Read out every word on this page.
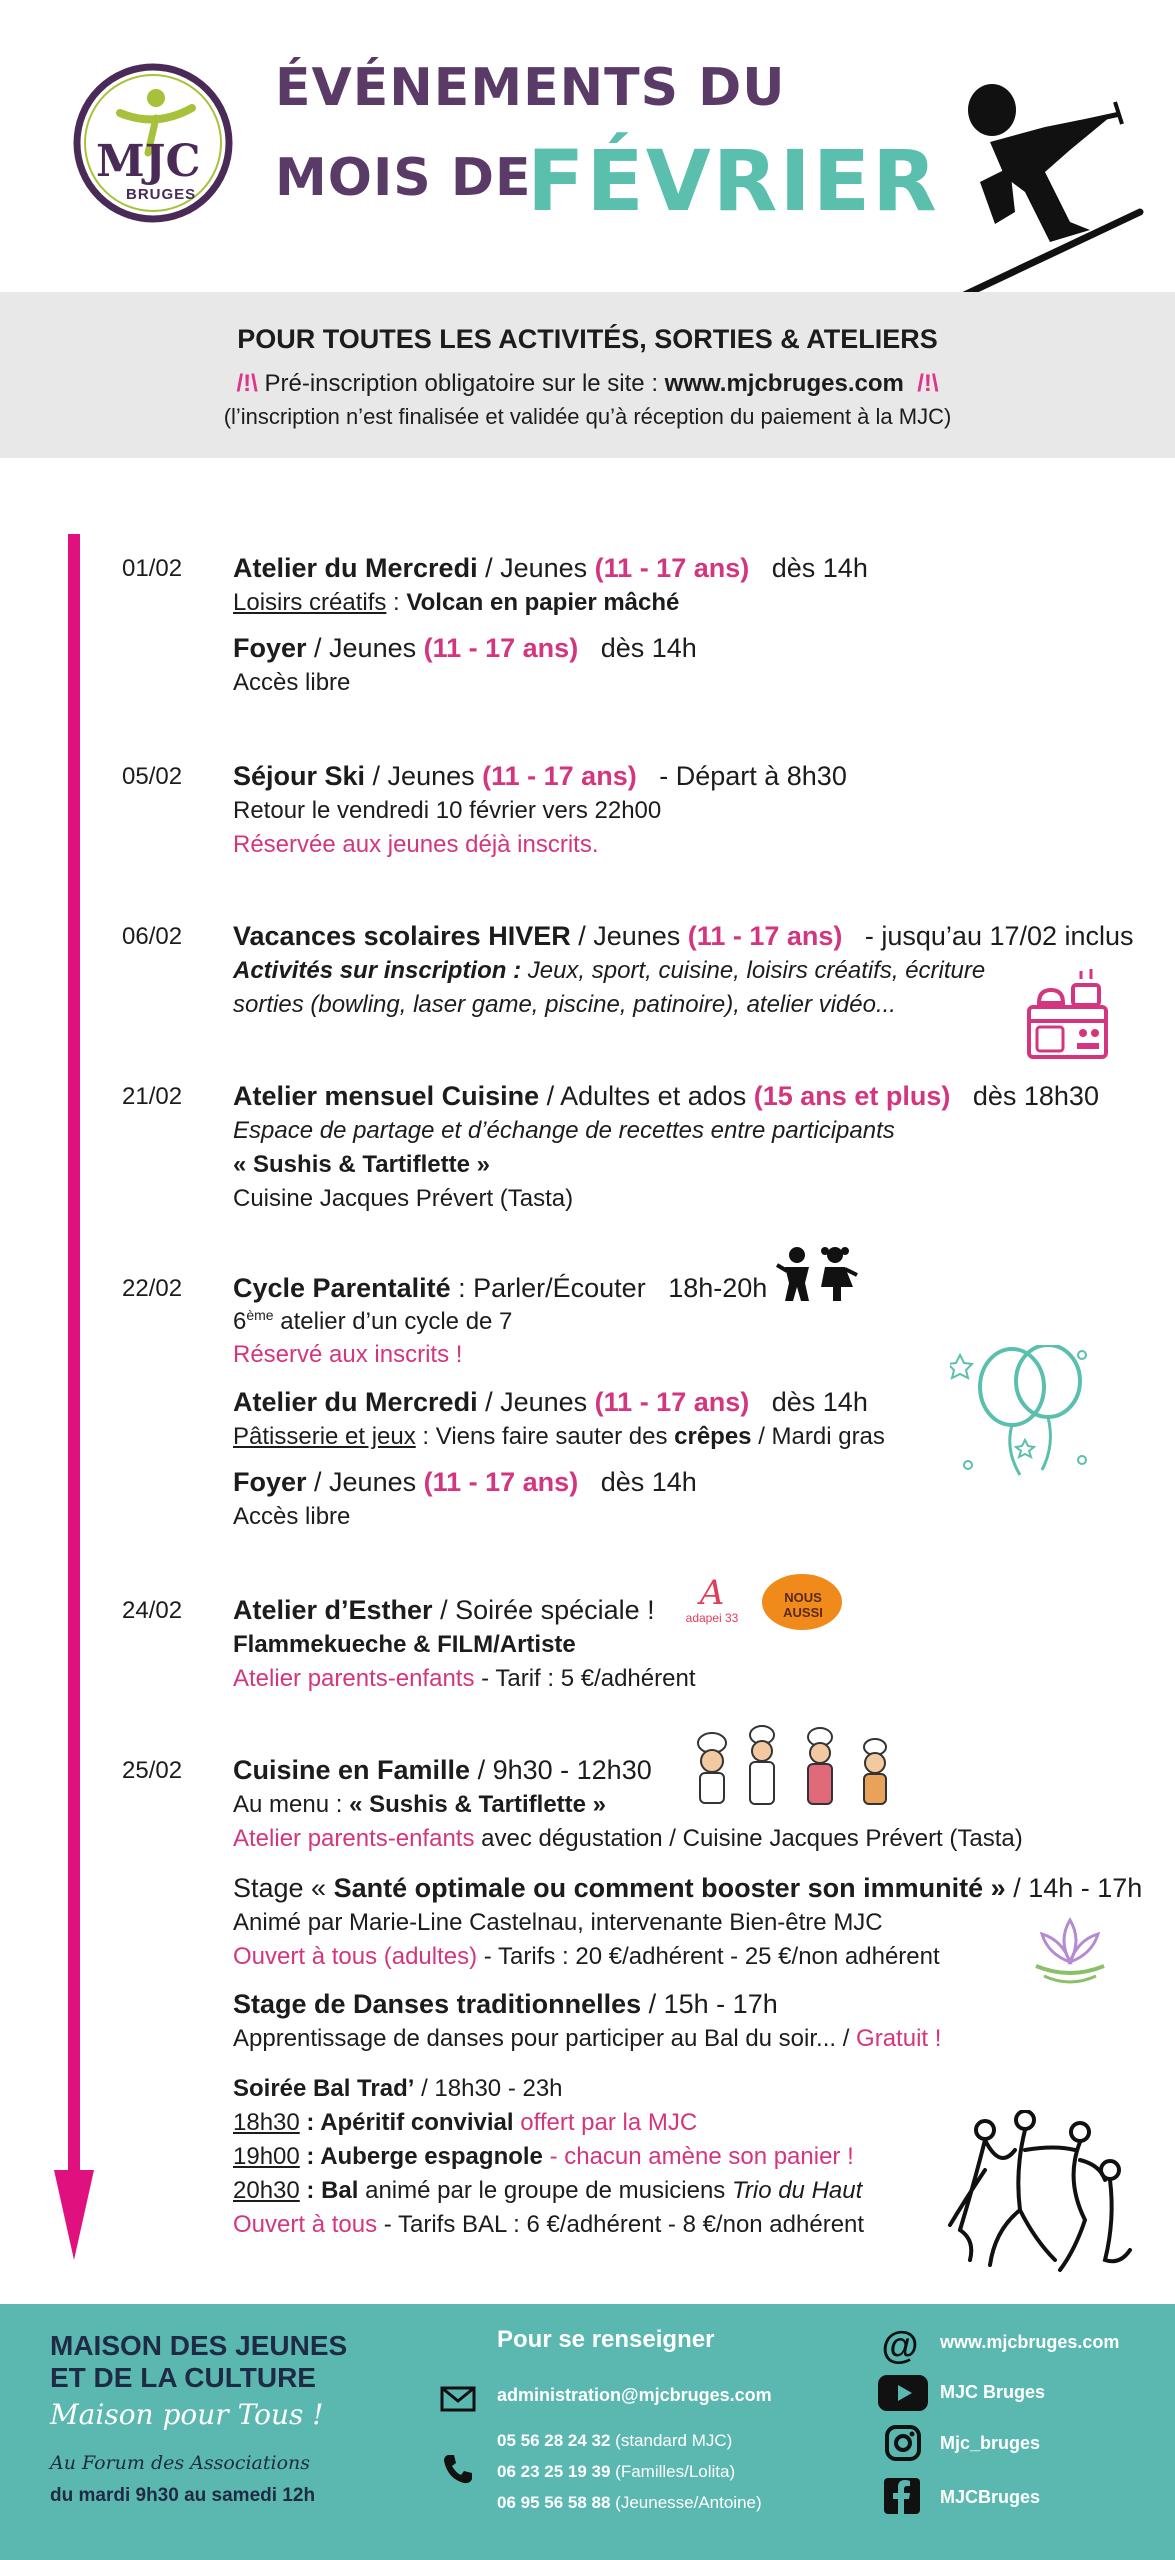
MJC
BRUGES
ÉVÉNEMENTS DU
MOIS DE
FÉVRIER
POUR TOUTES LES ACTIVITÉS, SORTIES & ATELIERS
/!\ Pré-inscription obligatoire sur le site : www.mjcbruges.com /!\
(l’inscription n’est finalisée et validée qu’à réception du paiement à la MJC)
01/02 Atelier du Mercredi / Jeunes (11 - 17 ans) dès 14h
Loisirs créatifs : Volcan en papier mâché
Foyer / Jeunes (11 - 17 ans) dès 14h
Accès libre
05/02 Séjour Ski / Jeunes (11 - 17 ans) - Départ à 8h30
Retour le vendredi 10 février vers 22h00
Réservée aux jeunes déjà inscrits.
06/02 Vacances scolaires HIVER / Jeunes (11 - 17 ans) - jusqu’au 17/02 inclus
Activités sur inscription : Jeux, sport, cuisine, loisirs créatifs, écriture
sorties (bowling, laser game, piscine, patinoire), atelier vidéo...
21/02 Atelier mensuel Cuisine / Adultes et ados (15 ans et plus) dès 18h30
Espace de partage et d’échange de recettes entre participants
« Sushis & Tartiflette »
Cuisine Jacques Prévert (Tasta)
22/02 Cycle Parentalité : Parler/Écouter 18h-20h
6ème atelier d’un cycle de 7
Réservé aux inscrits !
Atelier du Mercredi / Jeunes (11 - 17 ans) dès 14h
Pâtisserie et jeux : Viens faire sauter des crêpes / Mardi gras
Foyer / Jeunes (11 - 17 ans) dès 14h
Accès libre
24/02 Atelier d’Esther / Soirée spéciale !	A
adapei 33
NOUS AUSSI
Flammekueche & FILM/Artiste
Atelier parents-enfants - Tarif : 5 €/adhérent
25/02 Cuisine en Famille / 9h30 - 12h30
Au menu : « Sushis & Tartiflette »
Atelier parents-enfants avec dégustation / Cuisine Jacques Prévert (Tasta)
Stage « Santé optimale ou comment booster son immunité » / 14h - 17h
Animé par Marie-Line Castelnau, intervenante Bien-être MJC
Ouvert à tous (adultes) - Tarifs : 20 €/adhérent - 25 €/non adhérent
Stage de Danses traditionnelles / 15h - 17h
Apprentissage de danses pour participer au Bal du soir... / Gratuit !
Soirée Bal Trad’ / 18h30 - 23h
18h30 : Apéritif convivial offert par la MJC
19h00 : Auberge espagnole - chacun amène son panier !
20h30 : Bal animé par le groupe de musiciens Trio du Haut
Ouvert à tous - Tarifs BAL : 6 €/adhérent - 8 €/non adhérent
MAISON DES JEUNES
ET DE LA CULTURE
Maison pour Tous !
Au Forum des Associations
du mardi 9h30 au samedi 12h
Pour se renseigner
administration@mjcbruges.com
05 56 28 24 32 (standard MJC)
06 23 25 19 39 (Familles/Lolita)
06 95 56 58 88 (Jeunesse/Antoine)
@ www.mjcbruges.com
MJC Bruges
Mjc_bruges
MJCBruges
